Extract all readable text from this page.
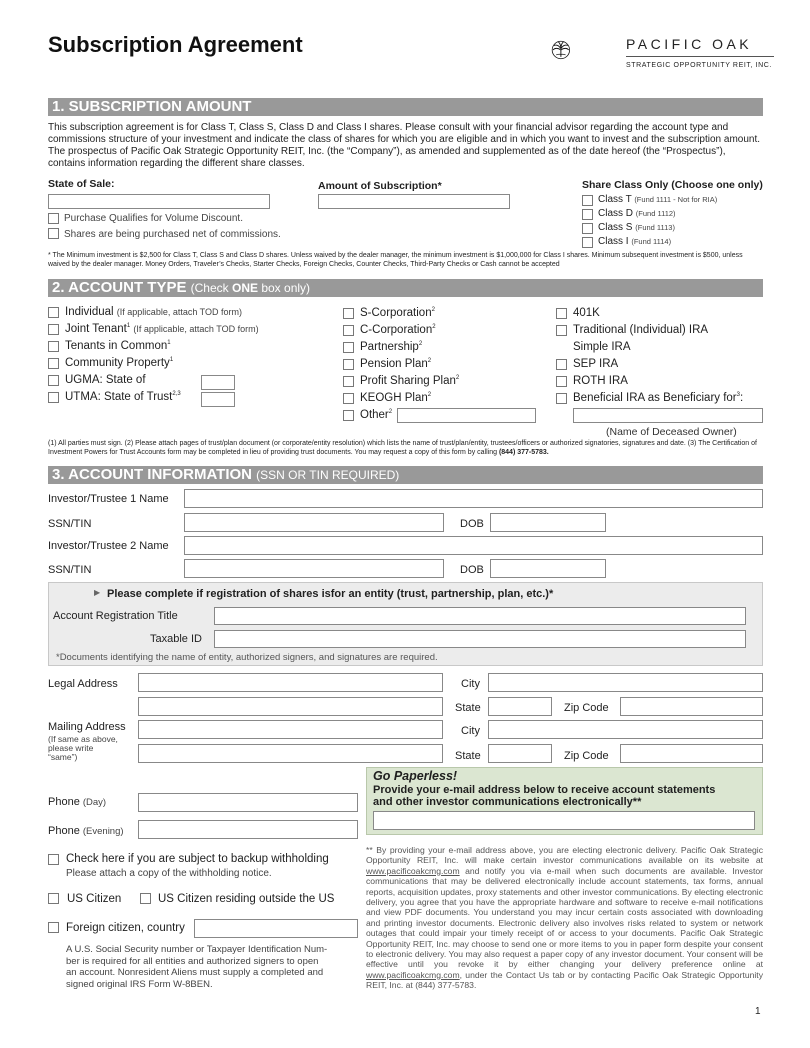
Subscription Agreement	PACIFIC OAK
STRATEGIC OPPORTUNITY REIT, INC.
1. SUBSCRIPTION AMOUNT
This subscription agreement is for Class T, Class S, Class D and Class I shares. Please consult with your financial advisor regarding the account type and commissions structure of your investment and indicate the class of shares for which you are eligible and in which you want to invest and the subscription amount. The prospectus of Pacific Oak Strategic Opportunity REIT, Inc. (the “Company”), as amended and supplemented as of the date hereof (the “Prospectus”), contains information regarding the different share classes.
State of Sale:	Amount of Subscription*
Purchase Qualifies for Volume Discount.
Shares are being purchased net of commissions.
Share Class Only (Choose one only)
Class T (Fund 1111 - Not for RIA)
Class D (Fund 1112)
Class S (Fund 1113)
Class I (Fund 1114)
* The Minimum investment is $2,500 for Class T, Class S and Class D shares. Unless waived by the dealer manager, the minimum investment is $1,000,000 for Class I shares. Minimum subsequent investment is $500, unless waived by the dealer manager. Money Orders, Traveler’s Checks, Starter Checks, Foreign Checks, Counter Checks, Third-Party Checks or Cash cannot be accepted
2. ACCOUNT TYPE (Check ONE box only)
Individual (If applicable, attach TOD form)
Joint Tenant$^1$ (If applicable, attach TOD form)
Tenants in Common$^1$
Community Property$^1$
UGMA: State of
UTMA: State of Trust$^{2,3}$
S-Corporation$^2$
C-Corporation$^2$
Partnership$^2$
Pension Plan$^2$
Profit Sharing Plan$^2$
KEOGH Plan$^2$
Other$^2$
401K
Traditional (Individual) IRA
Simple IRA
SEP IRA
ROTH IRA
Beneficial IRA as Beneficiary for$^3$:
(Name of Deceased Owner)
(1) All parties must sign. (2) Please attach pages of trust/plan document (or corporate/entity resolution) which lists the name of trust/plan/entity, trustees/officers or authorized signatories, signatures and date. (3) The Certification of Investment Powers for Trust Accounts form may be completed in lieu of providing trust documents. You may request a copy of this form by calling (844) 377-5783.
3. ACCOUNT INFORMATION (SSN OR TIN REQUIRED)
Investor/Trustee 1 Name
SSN/TIN	DOB
Investor/Trustee 2 Name
SSN/TIN	DOB
▶ Please complete if registration of shares isfor an entity (trust, partnership, plan, etc.)*
Account Registration Title
Taxable ID
*Documents identifying the name of entity, authorized signers, and signatures are required.
Legal Address	City
State	Zip Code
Mailing Address
(If same as above,
please write
“same”)
City
State	Zip Code
Go Paperless!
Provide your e-mail address below to receive account statements
and other investor communications electronically**
Phone (Day)
Phone (Evening)
Check here if you are subject to backup withholding
Please attach a copy of the withholding notice.
US Citizen	US Citizen residing outside the US
Foreign citizen, country
A U.S. Social Security number or Taxpayer Identification Num-
ber is required for all entities and authorized signers to open
an account. Nonresident Aliens must supply a completed and
signed original IRS Form W-8BEN.
** By providing your e-mail address above, you are electing electronic delivery. Pacific Oak Strategic Opportunity REIT, Inc. will make certain investor communications available on its website at www.pacificoakcmg.com and notify you via e-mail when such documents are available. Investor communications that may be delivered electronically include account statements, tax forms, annual reports, acquisition updates, proxy statements and other investor communications. By electing electronic delivery, you agree that you have the appropriate hardware and software to receive e-mail notifications and view PDF documents. You understand you may incur certain costs associated with downloading and printing investor documents. Electronic delivery also involves risks related to system or network outages that could impair your timely receipt of or access to your documents. Pacific Oak Strategic Opportunity REIT, Inc. may choose to send one or more items to you in paper form despite your consent to electronic delivery. You may also request a paper copy of any investor document. Your consent will be effective until you revoke it by either changing your delivery preference online at www.pacificoakcmg.com, under the Contact Us tab or by contacting Pacific Oak Strategic Opportunity REIT, Inc. at (844) 377-5783.
1
